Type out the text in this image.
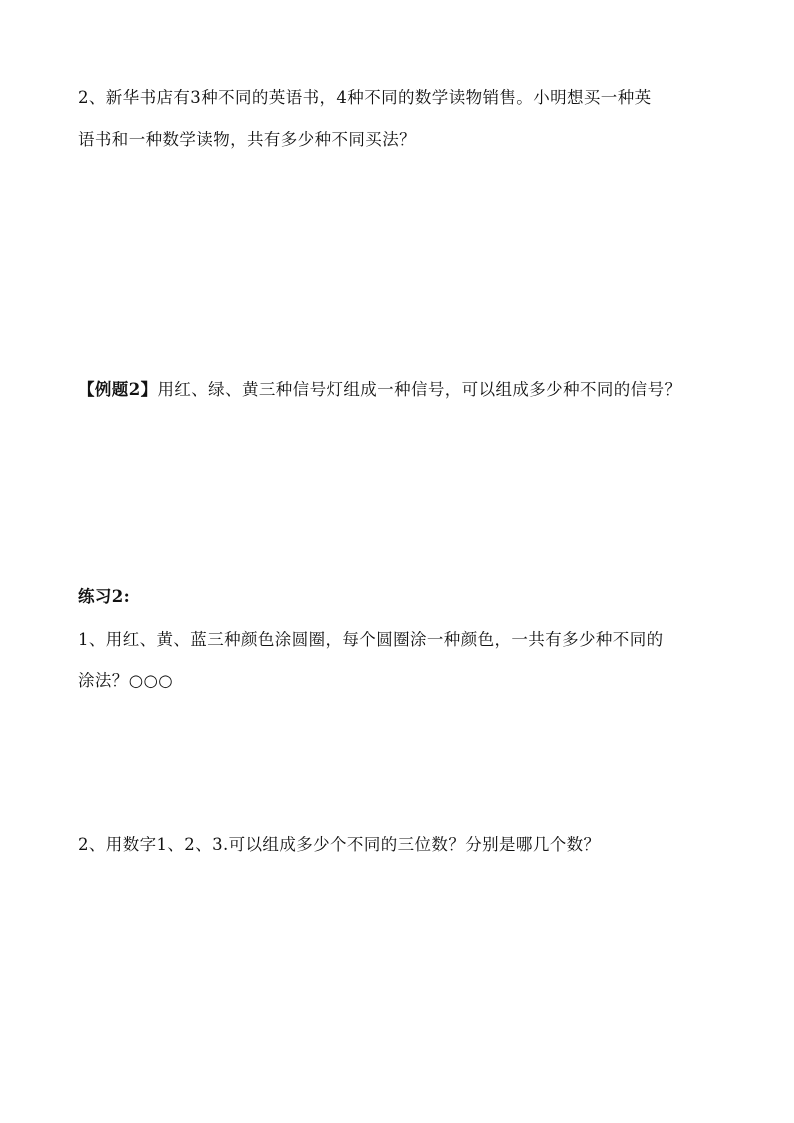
2、新华书店有3种不同的英语书，4种不同的数学读物销售。小明想买一种英
语书和一种数学读物，共有多少种不同买法？
【例题2】用红、绿、黄三种信号灯组成一种信号，可以组成多少种不同的信号？
练习2:
1、用红、黄、蓝三种颜色涂圆圈，每个圆圈涂一种颜色，一共有多少种不同的
涂法？○○○
2、用数字1、2、3.可以组成多少个不同的三位数？分别是哪几个数？
